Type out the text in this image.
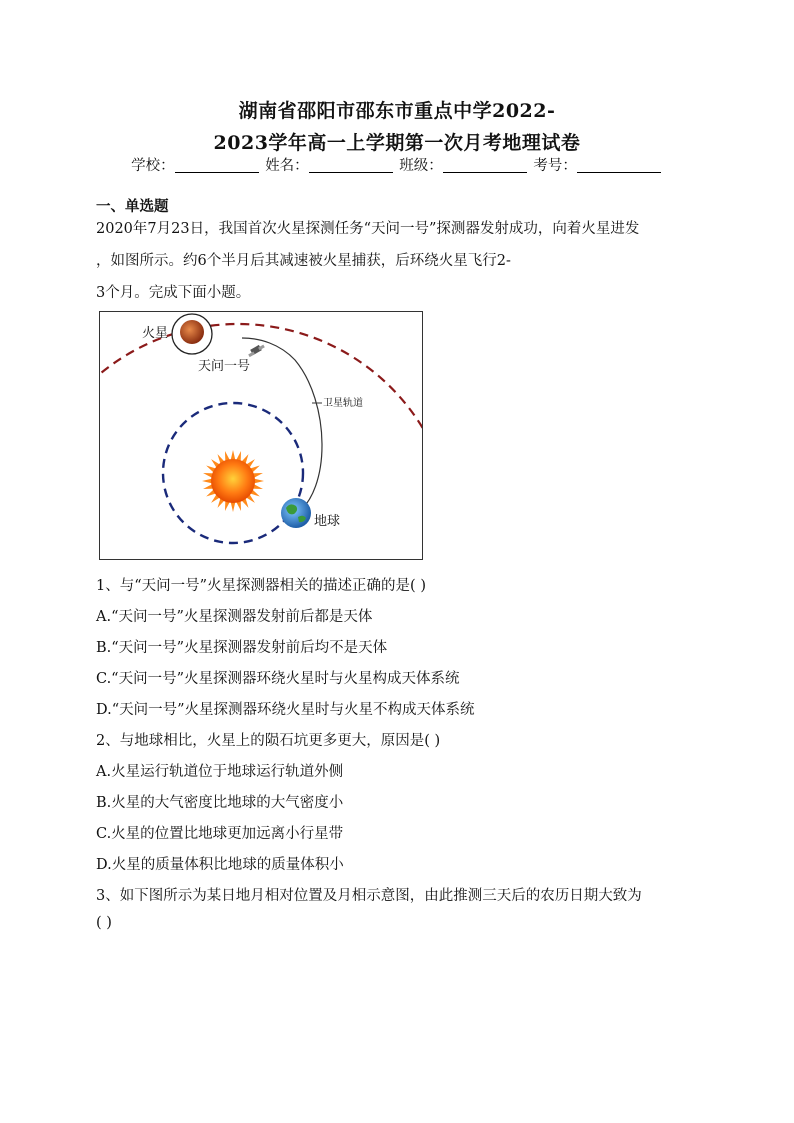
湖南省邵阳市邵东市重点中学2022-
2023学年高一上学期第一次月考地理试卷
学校：	姓名：	班级：	考号：
一、单选题
2020年7月23日，我国首次火星探测任务“天问一号”探测器发射成功，向着火星进发
，如图所示。约6个半月后其减速被火星捕获，后环绕火星飞行2-
3个月。完成下面小题。
卫星轨道
火星
天问一号
地球
1、与“天问一号”火星探测器相关的描述正确的是( )
A.“天问一号”火星探测器发射前后都是天体
B.“天问一号”火星探测器发射前后均不是天体
C.“天问一号”火星探测器环绕火星时与火星构成天体系统
D.“天问一号”火星探测器环绕火星时与火星不构成天体系统
2、与地球相比，火星上的陨石坑更多更大，原因是( )
A.火星运行轨道位于地球运行轨道外侧
B.火星的大气密度比地球的大气密度小
C.火星的位置比地球更加远离小行星带
D.火星的质量体积比地球的质量体积小
3、如下图所示为某日地月相对位置及月相示意图，由此推测三天后的农历日期大致为
( )
